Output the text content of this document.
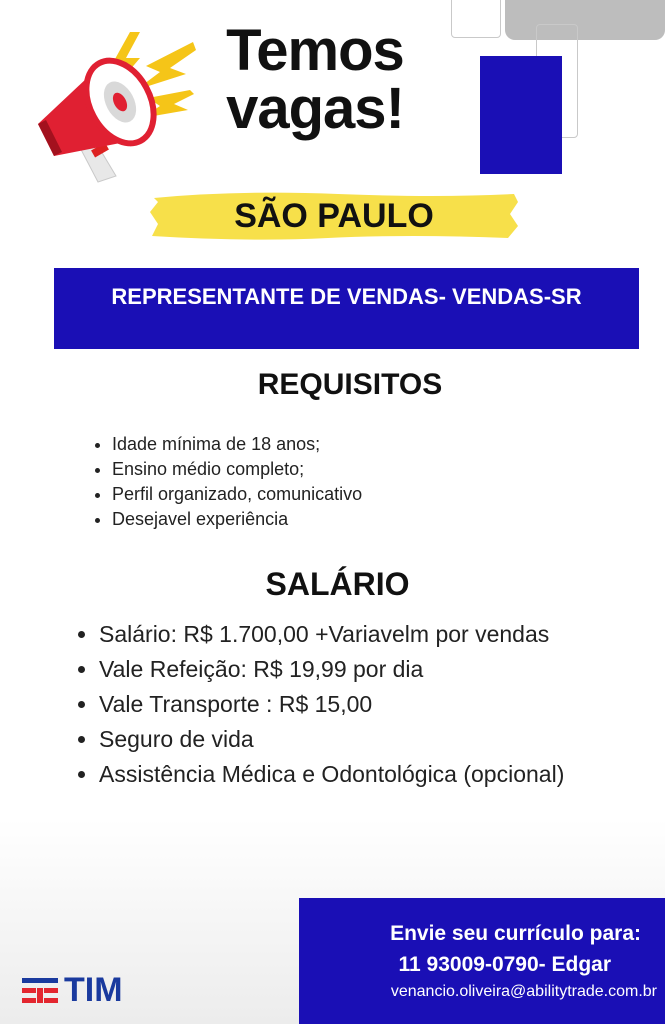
Temos
vagas!
SÃO PAULO
REPRESENTANTE DE VENDAS- VENDAS-SR
REQUISITOS
• Idade mínima de 18 anos;
• Ensino médio completo;
• Perfil organizado, comunicativo
• Desejavel experiência
SALÁRIO
• Salário: R$ 1.700,00 +Variavelm por vendas
• Vale Refeição: R$ 19,99 por dia
• Vale Transporte : R$ 15,00
• Seguro de vida
• Assistência Médica e Odontológica (opcional)
TIM
Envie seu currículo para:
11 93009-0790- Edgar
venancio.oliveira@abilitytrade.com.br
